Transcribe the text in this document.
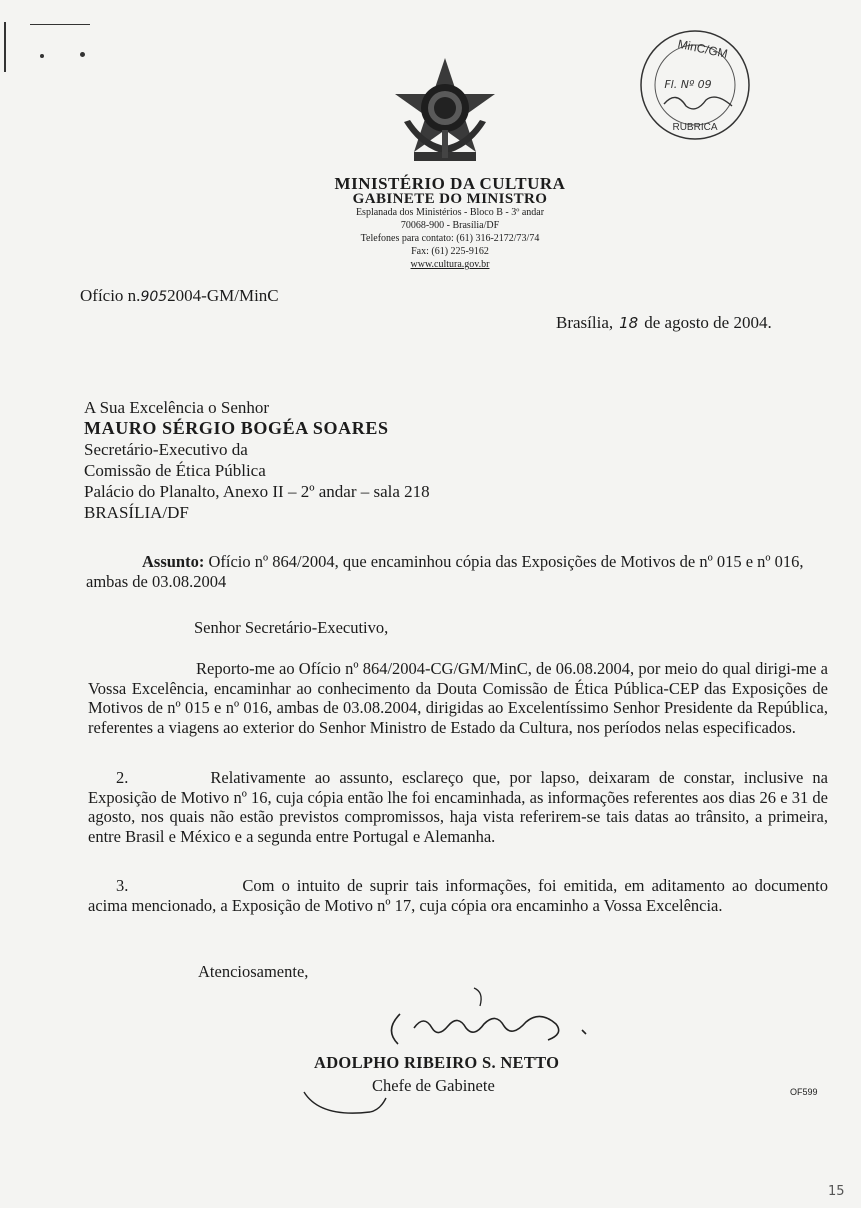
MINISTÉRIO DA CULTURA
GABINETE DO MINISTRO
Esplanada dos Ministérios - Bloco B - 3º andar
70068-900 - Brasília/DF
Telefones para contato: (61) 316-2172/73/74
Fax: (61) 225-9162
www.cultura.gov.br
MinC/GM
Fl. Nº 09
RUBRICA
Ofício n.9052004-GM/MinC
Brasília, 18 de agosto de 2004.
A Sua Excelência o Senhor
MAURO SÉRGIO BOGÉA SOARES
Secretário-Executivo da
Comissão de Ética Pública
Palácio do Planalto, Anexo II – 2º andar – sala 218
BRASÍLIA/DF
Assunto: Ofício nº 864/2004, que encaminhou cópia das Exposições de Motivos de nº 015 e nº 016, ambas de 03.08.2004
Senhor Secretário-Executivo,
Reporto-me ao Ofício nº 864/2004-CG/GM/MinC, de 06.08.2004, por meio do qual dirigi-me a Vossa Excelência, encaminhar ao conhecimento da Douta Comissão de Ética Pública-CEP das Exposições de Motivos de nº 015 e nº 016, ambas de 03.08.2004, dirigidas ao Excelentíssimo Senhor Presidente da República, referentes a viagens ao exterior do Senhor Ministro de Estado da Cultura, nos períodos nelas especificados.
2.	Relativamente ao assunto, esclareço que, por lapso, deixaram de constar, inclusive na Exposição de Motivo nº 16, cuja cópia então lhe foi encaminhada, as informações referentes aos dias 26 e 31 de agosto, nos quais não estão previstos compromissos, haja vista referirem-se tais datas ao trânsito, a primeira, entre Brasil e México e a segunda entre Portugal e Alemanha.
3.	Com o intuito de suprir tais informações, foi emitida, em aditamento ao documento acima mencionado, a Exposição de Motivo nº 17, cuja cópia ora encaminho a Vossa Excelência.
Atenciosamente,
ADOLPHO RIBEIRO S. NETTO
Chefe de Gabinete	OF599
15
